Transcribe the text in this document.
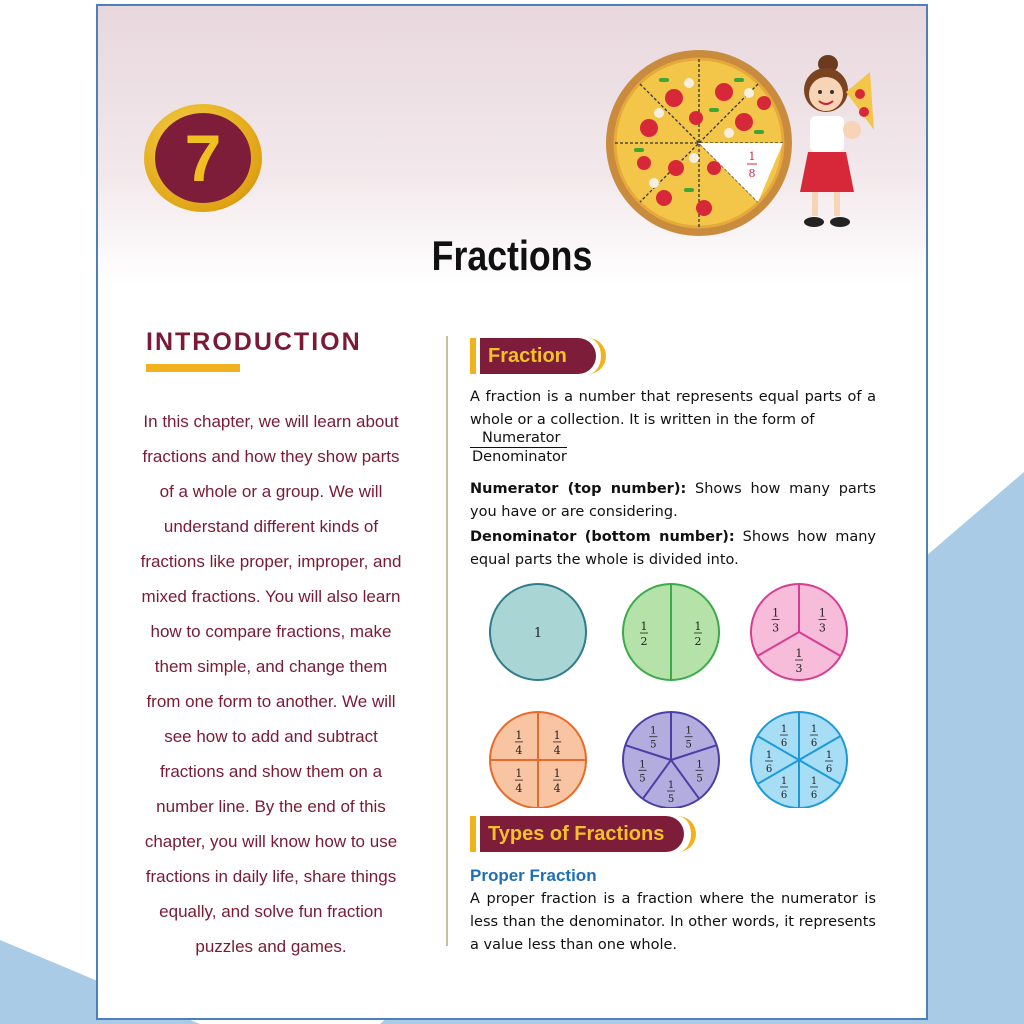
7	1
8
Fractions
INTRODUCTION
In this chapter, we will learn about fractions and how they show parts of a whole or a group. We will understand different kinds of fractions like proper, improper, and mixed fractions. You will also learn how to compare fractions, make them simple, and change them from one form to another. We will see how to add and subtract fractions and show them on a number line. By the end of this chapter, you will know how to use fractions in daily life, share things equally, and solve fun fraction puzzles and games.
Fraction
A fraction is a number that represents equal parts of a whole or a collection. It is written in the form of
Numerator
Denominator
Numerator (top number): Shows how many parts you have or are considering.
Denominator (bottom number): Shows how many equal parts the whole is divided into.
1	1
2
1
2
1
3
1
3
1
3
1
4
1
4
1
4
1
4
1
5
1
5
1
5
1
5
1
5
1
6
1
6
1
6
1
6
1
6
1
6
Types of Fractions
Proper Fraction
A proper fraction is a fraction where the numerator is less than the denominator. In other words, it represents a value less than one whole.
